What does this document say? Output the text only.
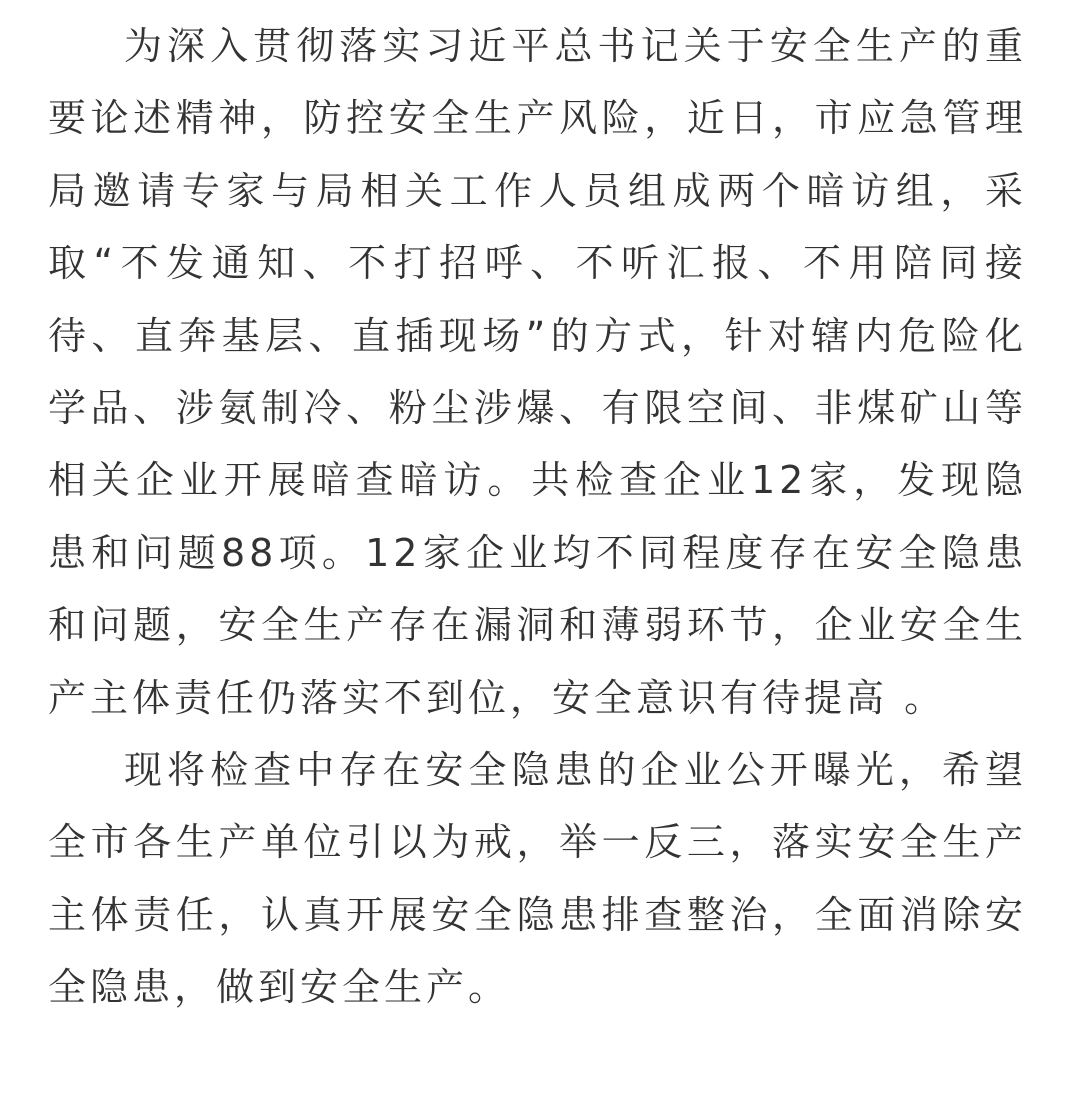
为深入贯彻落实习近平总书记关于安全生产的重要论述精神，防控安全生产风险，近日，市应急管理局邀请专家与局相关工作人员组成两个暗访组，采取“不发通知、不打招呼、不听汇报、不用陪同接待、直奔基层、直插现场”的方式，针对辖内危险化学品、涉氨制冷、粉尘涉爆、有限空间、非煤矿山等相关企业开展暗查暗访。共检查企业12家，发现隐患和问题88项。12家企业均不同程度存在安全隐患和问题，安全生产存在漏洞和薄弱环节，企业安全生产主体责任仍落实不到位，安全意识有待提高 。

现将检查中存在安全隐患的企业公开曝光，希望全市各生产单位引以为戒，举一反三，落实安全生产主体责任，认真开展安全隐患排查整治，全面消除安全隐患，做到安全生产。
